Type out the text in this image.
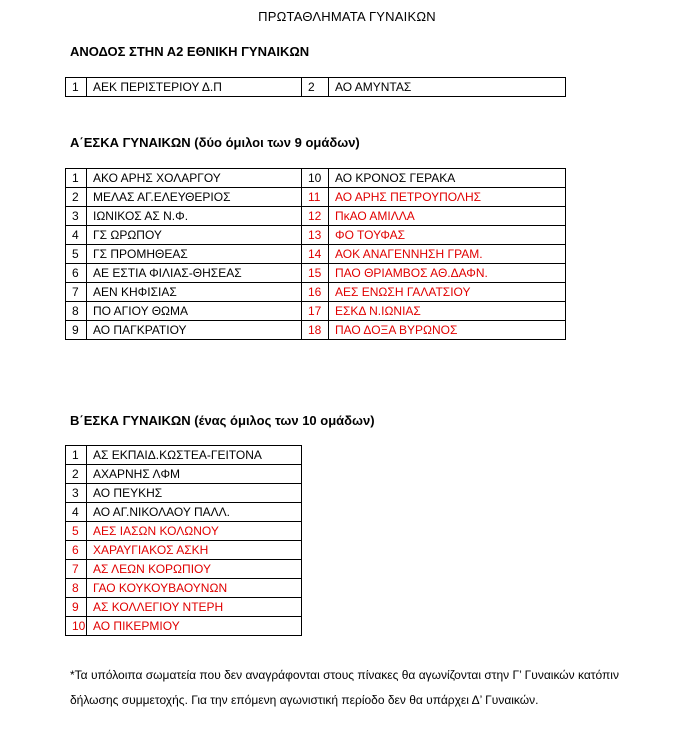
ΠΡΩΤΑΘΛΗΜΑΤΑ ΓΥΝΑΙΚΩΝ
ΑΝΟΔΟΣ ΣΤΗΝ Α2 ΕΘΝΙΚΗ ΓΥΝΑΙΚΩΝ
1	ΑΕΚ ΠΕΡΙΣΤΕΡΙΟΥ Δ.Π	2	ΑΟ ΑΜΥΝΤΑΣ
Α΄ΕΣΚΑ ΓΥΝΑΙΚΩΝ (δύο όμιλοι των 9 ομάδων)
1	ΑΚΟ ΑΡΗΣ ΧΟΛΑΡΓΟΥ	10	ΑΟ ΚΡΟΝΟΣ ΓΕΡΑΚΑ
2	ΜΕΛΑΣ ΑΓ.ΕΛΕΥΘΕΡΙΟΣ	11	ΑΟ ΑΡΗΣ ΠΕΤΡΟΥΠΟΛΗΣ
3	ΙΩΝΙΚΟΣ ΑΣ Ν.Φ.	12	ΠκΑΟ ΑΜΙΛΛΑ
4	ΓΣ ΩΡΩΠΟΥ	13	ΦΟ ΤΟΥΦΑΣ
5	ΓΣ ΠΡΟΜΗΘΕΑΣ	14	ΑΟΚ ΑΝΑΓΕΝΝΗΣΗ ΓΡΑΜ.
6	ΑΕ ΕΣΤΙΑ ΦΙΛΙΑΣ-ΘΗΣΕΑΣ	15	ΠΑΟ ΘΡΙΑΜΒΟΣ ΑΘ.ΔΑΦΝ.
7	ΑΕΝ ΚΗΦΙΣΙΑΣ	16	ΑΕΣ ΕΝΩΣΗ ΓΑΛΑΤΣΙΟΥ
8	ΠΟ ΑΓΙΟΥ ΘΩΜΑ	17	ΕΣΚΔ Ν.ΙΩΝΙΑΣ
9	ΑΟ ΠΑΓΚΡΑΤΙΟΥ	18	ΠΑΟ ΔΟΞΑ ΒΥΡΩΝΟΣ
Β΄ΕΣΚΑ ΓΥΝΑΙΚΩΝ (ένας όμιλος των 10 ομάδων)
1	ΑΣ ΕΚΠΑΙΔ.ΚΩΣΤΕΑ-ΓΕΙΤΟΝΑ
2	ΑΧΑΡΝΗΣ ΛΦΜ
3	ΑΟ ΠΕΥΚΗΣ
4	ΑΟ ΑΓ.ΝΙΚΟΛΑΟΥ ΠΑΛΛ.
5	ΑΕΣ ΙΑΣΩΝ ΚΟΛΩΝΟΥ
6	ΧΑΡΑΥΓΙΑΚΟΣ ΑΣΚΗ
7	ΑΣ ΛΕΩΝ ΚΟΡΩΠΙΟΥ
8	ΓΑΟ ΚΟΥΚΟΥΒΑΟΥΝΩΝ
9	ΑΣ ΚΟΛΛΕΓΙΟΥ ΝΤΕΡΗ
10	ΑΟ ΠΙΚΕΡΜΙΟΥ
*Τα υπόλοιπα σωματεία που δεν αναγράφονται στους πίνακες θα αγωνίζονται στην Γ’ Γυναικών κατόπιν δήλωσης συμμετοχής. Για την επόμενη αγωνιστική περίοδο δεν θα υπάρχει Δ’ Γυναικών.
